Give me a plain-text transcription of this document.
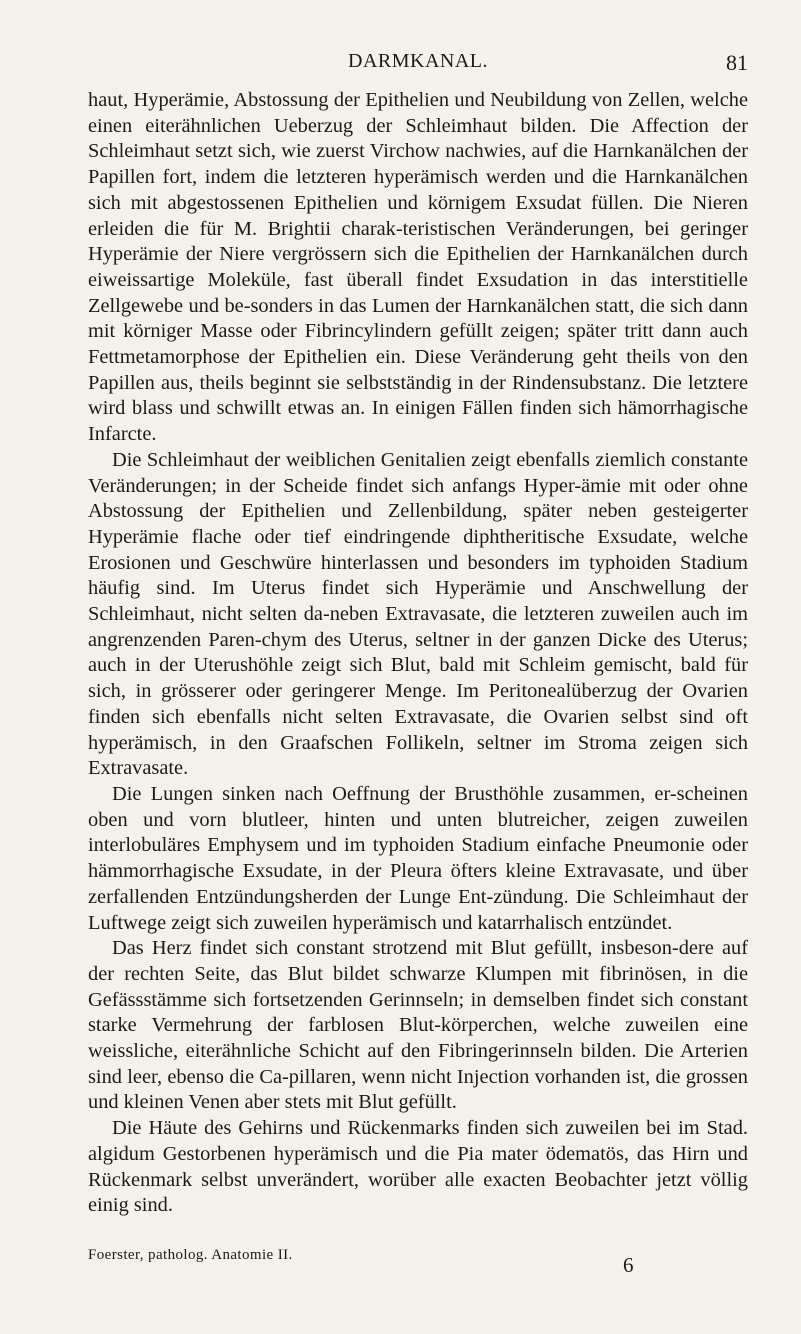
DARMKANAL.	81

haut, Hyperämie, Abstossung der Epithelien und Neubildung von Zellen, welche einen eiterähnlichen Ueberzug der Schleimhaut bilden. Die Affection der Schleimhaut setzt sich, wie zuerst Virchow nachwies, auf die Harnkanälchen der Papillen fort, indem die letzteren hyperämisch werden und die Harnkanälchen sich mit abgestossenen Epithelien und körnigem Exsudat füllen. Die Nieren erleiden die für M. Brightii charak-teristischen Veränderungen, bei geringer Hyperämie der Niere vergrössern sich die Epithelien der Harnkanälchen durch eiweissartige Moleküle, fast überall findet Exsudation in das interstitielle Zellgewebe und be-sonders in das Lumen der Harnkanälchen statt, die sich dann mit körniger Masse oder Fibrincylindern gefüllt zeigen; später tritt dann auch Fettmetamorphose der Epithelien ein. Diese Veränderung geht theils von den Papillen aus, theils beginnt sie selbstständig in der Rindensubstanz. Die letztere wird blass und schwillt etwas an. In einigen Fällen finden sich hämorrhagische Infarcte.

Die Schleimhaut der weiblichen Genitalien zeigt ebenfalls ziemlich constante Veränderungen; in der Scheide findet sich anfangs Hyper-ämie mit oder ohne Abstossung der Epithelien und Zellenbildung, später neben gesteigerter Hyperämie flache oder tief eindringende diphtheritische Exsudate, welche Erosionen und Geschwüre hinterlassen und besonders im typhoiden Stadium häufig sind. Im Uterus findet sich Hyperämie und Anschwellung der Schleimhaut, nicht selten da-neben Extravasate, die letzteren zuweilen auch im angrenzenden Paren-chym des Uterus, seltner in der ganzen Dicke des Uterus; auch in der Uterushöhle zeigt sich Blut, bald mit Schleim gemischt, bald für sich, in grösserer oder geringerer Menge. Im Peritonealüberzug der Ovarien finden sich ebenfalls nicht selten Extravasate, die Ovarien selbst sind oft hyperämisch, in den Graafschen Follikeln, seltner im Stroma zeigen sich Extravasate.

Die Lungen sinken nach Oeffnung der Brusthöhle zusammen, er-scheinen oben und vorn blutleer, hinten und unten blutreicher, zeigen zuweilen interlobuläres Emphysem und im typhoiden Stadium einfache Pneumonie oder hämmorrhagische Exsudate, in der Pleura öfters kleine Extravasate, und über zerfallenden Entzündungsherden der Lunge Ent-zündung. Die Schleimhaut der Luftwege zeigt sich zuweilen hyperämisch und katarrhalisch entzündet.

Das Herz findet sich constant strotzend mit Blut gefüllt, insbeson-dere auf der rechten Seite, das Blut bildet schwarze Klumpen mit fibrinösen, in die Gefässstämme sich fortsetzenden Gerinnseln; in demselben findet sich constant starke Vermehrung der farblosen Blut-körperchen, welche zuweilen eine weissliche, eiterähnliche Schicht auf den Fibringerinnseln bilden. Die Arterien sind leer, ebenso die Ca-pillaren, wenn nicht Injection vorhanden ist, die grossen und kleinen Venen aber stets mit Blut gefüllt.

Die Häute des Gehirns und Rückenmarks finden sich zuweilen bei im Stad. algidum Gestorbenen hyperämisch und die Pia mater ödematös, das Hirn und Rückenmark selbst unverändert, worüber alle exacten Beobachter jetzt völlig einig sind.

Foerster, patholog. Anatomie II.	6
